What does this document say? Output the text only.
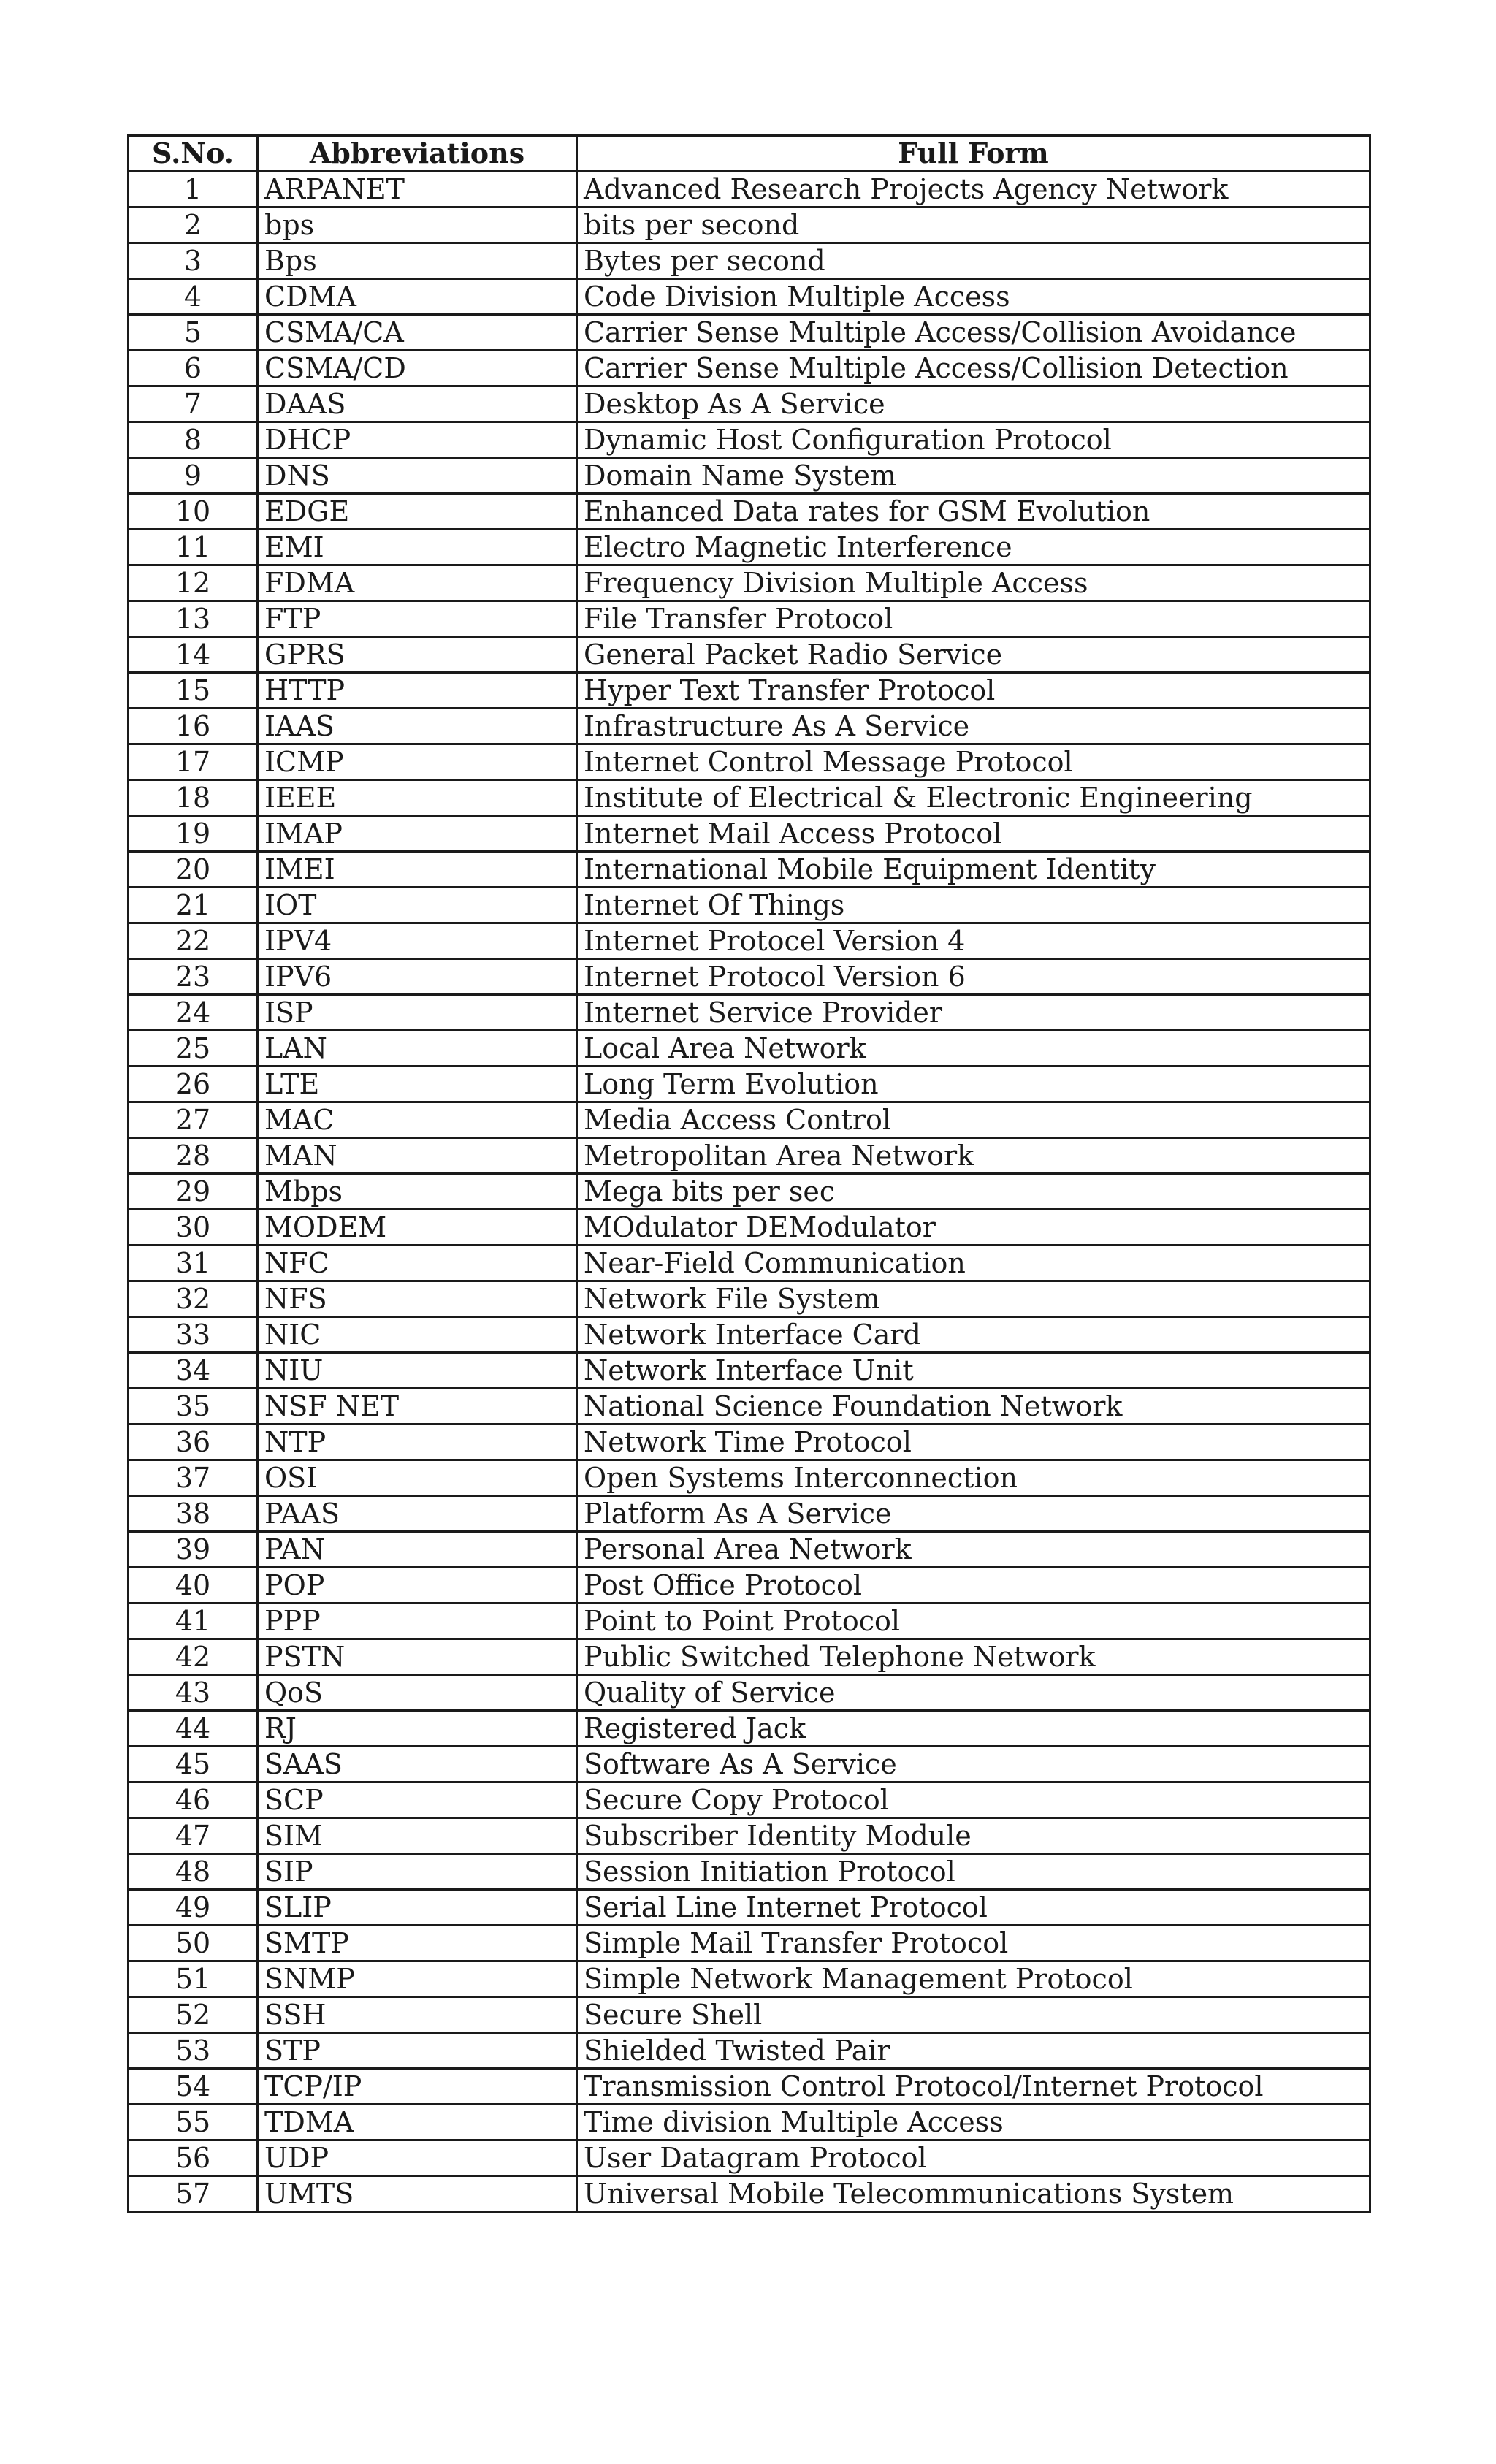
S.No.	Abbreviations	Full Form
1	ARPANET	Advanced Research Projects Agency Network
2	bps	bits per second
3	Bps	Bytes per second
4	CDMA	Code Division Multiple Access
5	CSMA/CA	Carrier Sense Multiple Access/Collision Avoidance
6	CSMA/CD	Carrier Sense Multiple Access/Collision Detection
7	DAAS	Desktop As A Service
8	DHCP	Dynamic Host Configuration Protocol
9	DNS	Domain Name System
10	EDGE	Enhanced Data rates for GSM Evolution
11	EMI	Electro Magnetic Interference
12	FDMA	Frequency Division Multiple Access
13	FTP	File Transfer Protocol
14	GPRS	General Packet Radio Service
15	HTTP	Hyper Text Transfer Protocol
16	IAAS	Infrastructure As A Service
17	ICMP	Internet Control Message Protocol
18	IEEE	Institute of Electrical & Electronic Engineering
19	IMAP	Internet Mail Access Protocol
20	IMEI	International Mobile Equipment Identity
21	IOT	Internet Of Things
22	IPV4	Internet Protocel Version 4
23	IPV6	Internet Protocol Version 6
24	ISP	Internet Service Provider
25	LAN	Local Area Network
26	LTE	Long Term Evolution
27	MAC	Media Access Control
28	MAN	Metropolitan Area Network
29	Mbps	Mega bits per sec
30	MODEM	MOdulator DEModulator
31	NFC	Near-Field Communication
32	NFS	Network File System
33	NIC	Network Interface Card
34	NIU	Network Interface Unit
35	NSF NET	National Science Foundation Network
36	NTP	Network Time Protocol
37	OSI	Open Systems Interconnection
38	PAAS	Platform As A Service
39	PAN	Personal Area Network
40	POP	Post Office Protocol
41	PPP	Point to Point Protocol
42	PSTN	Public Switched Telephone Network
43	QoS	Quality of Service
44	RJ	Registered Jack
45	SAAS	Software As A Service
46	SCP	Secure Copy Protocol
47	SIM	Subscriber Identity Module
48	SIP	Session Initiation Protocol
49	SLIP	Serial Line Internet Protocol
50	SMTP	Simple Mail Transfer Protocol
51	SNMP	Simple Network Management Protocol
52	SSH	Secure Shell
53	STP	Shielded Twisted Pair
54	TCP/IP	Transmission Control Protocol/Internet Protocol
55	TDMA	Time division Multiple Access
56	UDP	User Datagram Protocol
57	UMTS	Universal Mobile Telecommunications System
